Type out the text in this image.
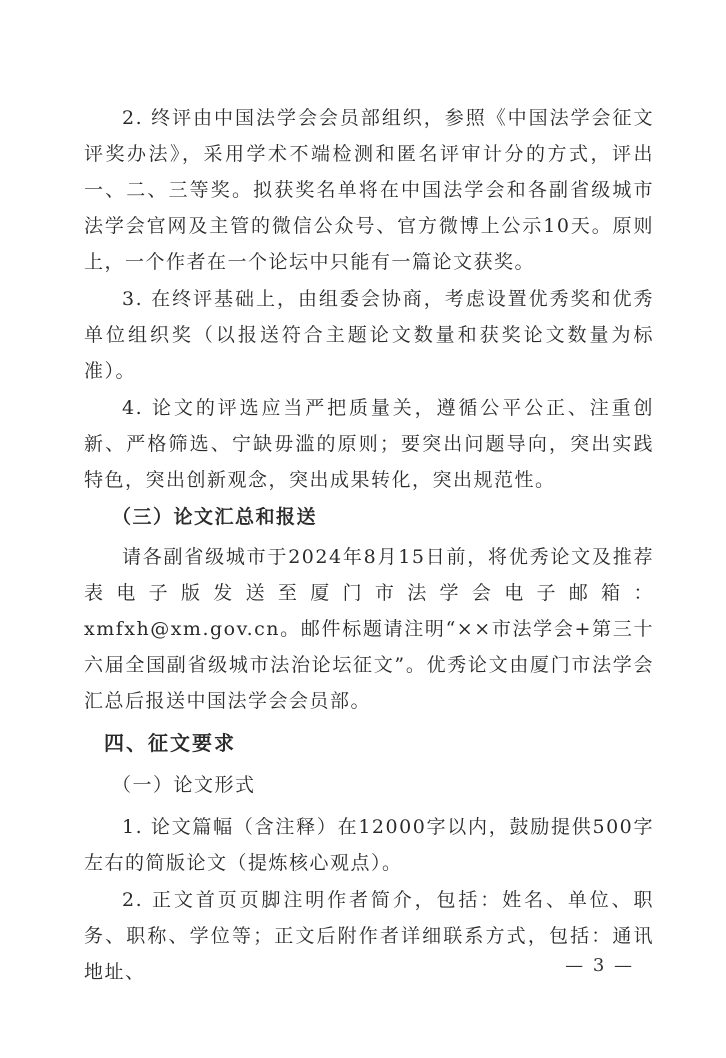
2. 终评由中国法学会会员部组织，参照《中国法学会征文评奖办法》，采用学术不端检测和匿名评审计分的方式，评出一、二、三等奖。拟获奖名单将在中国法学会和各副省级城市法学会官网及主管的微信公众号、官方微博上公示10天。原则上，一个作者在一个论坛中只能有一篇论文获奖。

3. 在终评基础上，由组委会协商，考虑设置优秀奖和优秀单位组织奖（以报送符合主题论文数量和获奖论文数量为标准）。

4. 论文的评选应当严把质量关，遵循公平公正、注重创新、严格筛选、宁缺毋滥的原则；要突出问题导向，突出实践特色，突出创新观念，突出成果转化，突出规范性。

（三）论文汇总和报送

请各副省级城市于2024年8月15日前，将优秀论文及推荐表电子版发送至厦门市法学会电子邮箱：xmfxh@xm.gov.cn。邮件标题请注明“××市法学会+第三十六届全国副省级城市法治论坛征文”。优秀论文由厦门市法学会汇总后报送中国法学会会员部。

四、征文要求

（一）论文形式

1. 论文篇幅（含注释）在12000字以内，鼓励提供500字左右的简版论文（提炼核心观点）。

2. 正文首页页脚注明作者简介，包括：姓名、单位、职务、职称、学位等；正文后附作者详细联系方式，包括：通讯地址、	— 3 —
